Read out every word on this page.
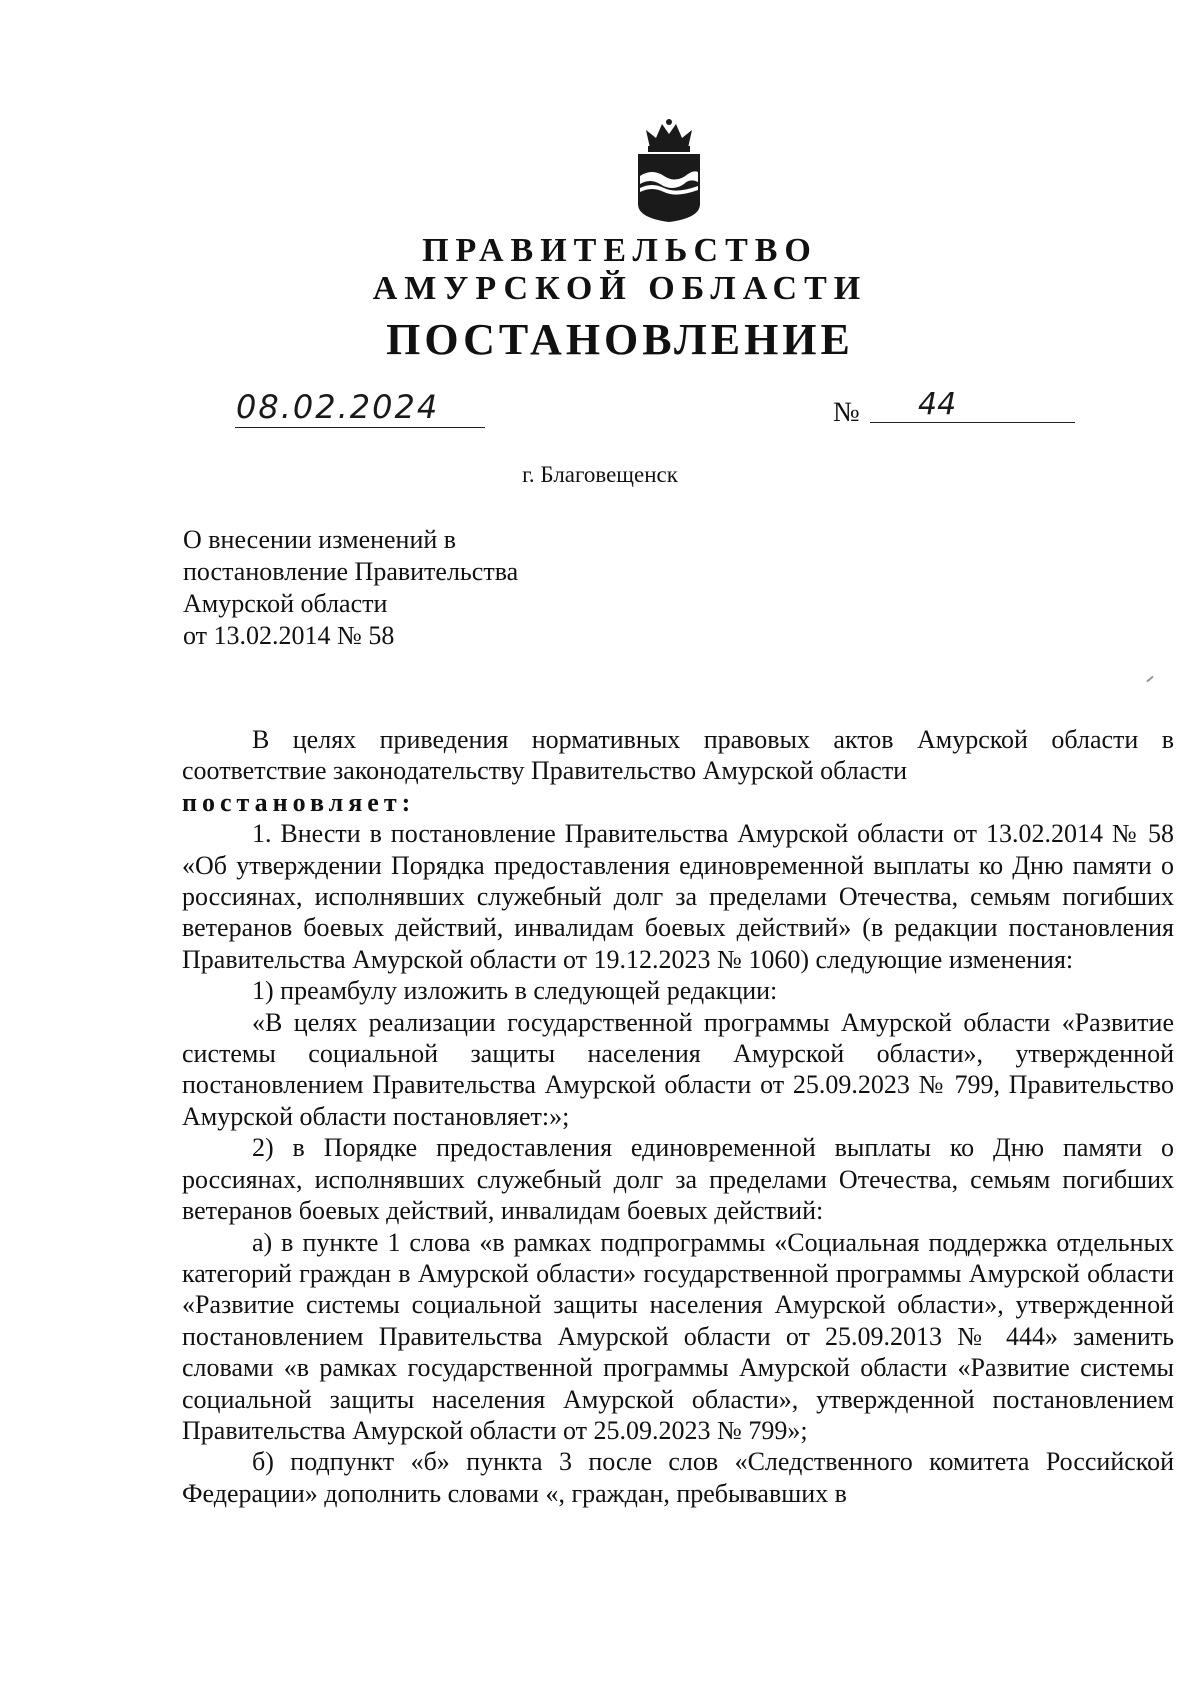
ПРАВИТЕЛЬСТВО
АМУРСКОЙ ОБЛАСТИ
ПОСТАНОВЛЕНИЕ
08.02.2024	№ 44
г. Благовещенск
О внесении изменений в
постановление Правительства
Амурской области
от 13.02.2014 № 58

В целях приведения нормативных правовых актов Амурской области в соответствие законодательству Правительство Амурской области

постановляет:

1. Внести в постановление Правительства Амурской области от 13.02.2014 № 58 «Об утверждении Порядка предоставления единовременной выплаты ко Дню памяти о россиянах, исполнявших служебный долг за пределами Отечества, семьям погибших ветеранов боевых действий, инвалидам боевых действий» (в редакции постановления Правительства Амурской области от 19.12.2023 № 1060) следующие изменения:

1) преамбулу изложить в следующей редакции:

«В целях реализации государственной программы Амурской области «Развитие системы социальной защиты населения Амурской области», утвержденной постановлением Правительства Амурской области от 25.09.2023 № 799, Правительство Амурской области постановляет:»;

2) в Порядке предоставления единовременной выплаты ко Дню памяти о россиянах, исполнявших служебный долг за пределами Отечества, семьям погибших ветеранов боевых действий, инвалидам боевых действий:

а) в пункте 1 слова «в рамках подпрограммы «Социальная поддержка отдельных категорий граждан в Амурской области» государственной программы Амурской области «Развитие системы социальной защиты населения Амурской области», утвержденной постановлением Правительства Амурской области от 25.09.2013 № 444» заменить словами «в рамках государственной программы Амурской области «Развитие системы социальной защиты населения Амурской области», утвержденной постановлением Правительства Амурской области от 25.09.2023 № 799»;

б) подпункт «б» пункта 3 после слов «Следственного комитета Российской Федерации» дополнить словами «, граждан, пребывавших в
